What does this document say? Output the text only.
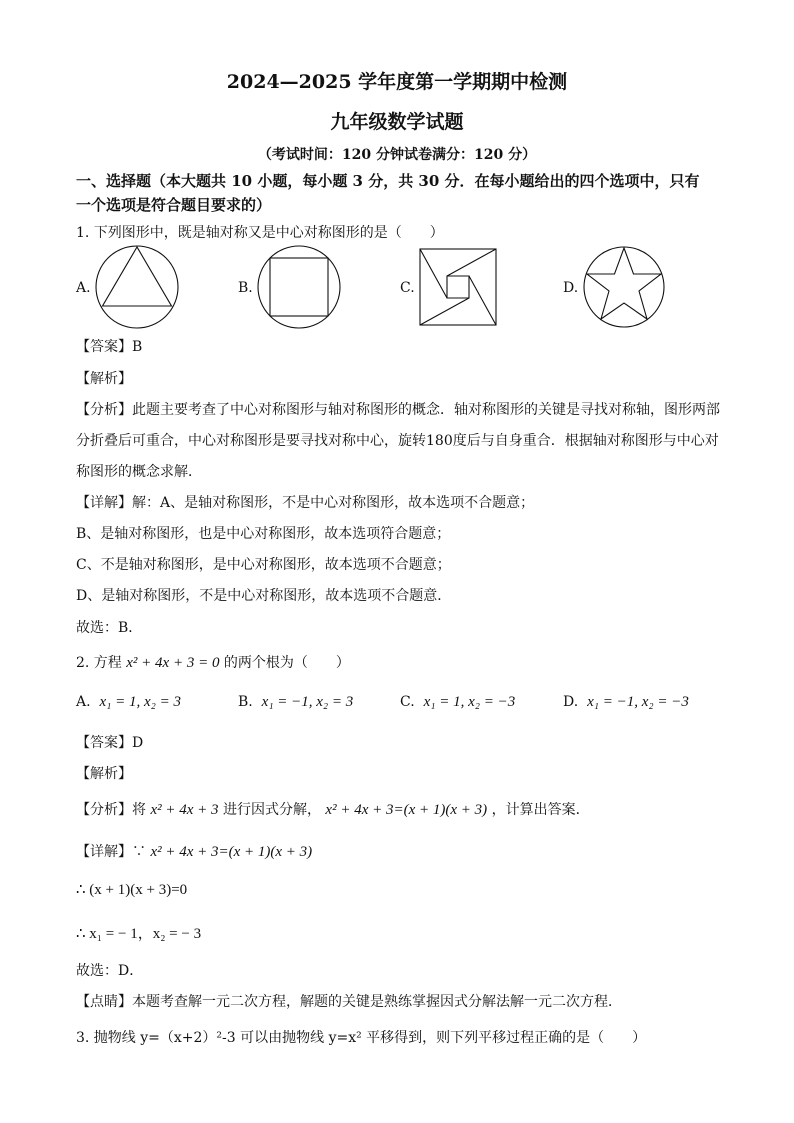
2024—2025 学年度第一学期期中检测
九年级数学试题
（考试时间：120 分钟试卷满分：120 分）
一、选择题（本大题共 10 小题，每小题 3 分，共 30 分．在每小题给出的四个选项中，只有
一个选项是符合题目要求的）
1. 下列图形中，既是轴对称又是中心对称图形的是（　　）
A.	B.	C.	D.
【答案】B
【解析】
【分析】此题主要考查了中心对称图形与轴对称图形的概念．轴对称图形的关键是寻找对称轴，图形两部
分折叠后可重合，中心对称图形是要寻找对称中心，旋转180度后与自身重合．根据轴对称图形与中心对
称图形的概念求解．
【详解】解：A、是轴对称图形，不是中心对称图形，故本选项不合题意；
B、是轴对称图形，也是中心对称图形，故本选项符合题意；
C、不是轴对称图形，是中心对称图形，故本选项不合题意；
D、是轴对称图形，不是中心对称图形，故本选项不合题意．
故选：B．
2. 方程 x² + 4x + 3 = 0 的两个根为（　　）
A. x₁ = 1, x₂ = 3	B. x₁ = −1, x₂ = 3	C. x₁ = 1, x₂ = −3	D. x₁ = −1, x₂ = −3
【答案】D
【解析】
【分析】将 x² + 4x + 3 进行因式分解， x² + 4x + 3=(x + 1)(x + 3) ，计算出答案．
【详解】∵ x² + 4x + 3=(x + 1)(x + 3)
∴ (x + 1)(x + 3)=0
∴ x₁ = − 1，x₂ = − 3
故选：D．
【点睛】本题考查解一元二次方程，解题的关键是熟练掌握因式分解法解一元二次方程．
3. 抛物线 y=（x+2）²-3 可以由抛物线 y=x² 平移得到，则下列平移过程正确的是（　　）
